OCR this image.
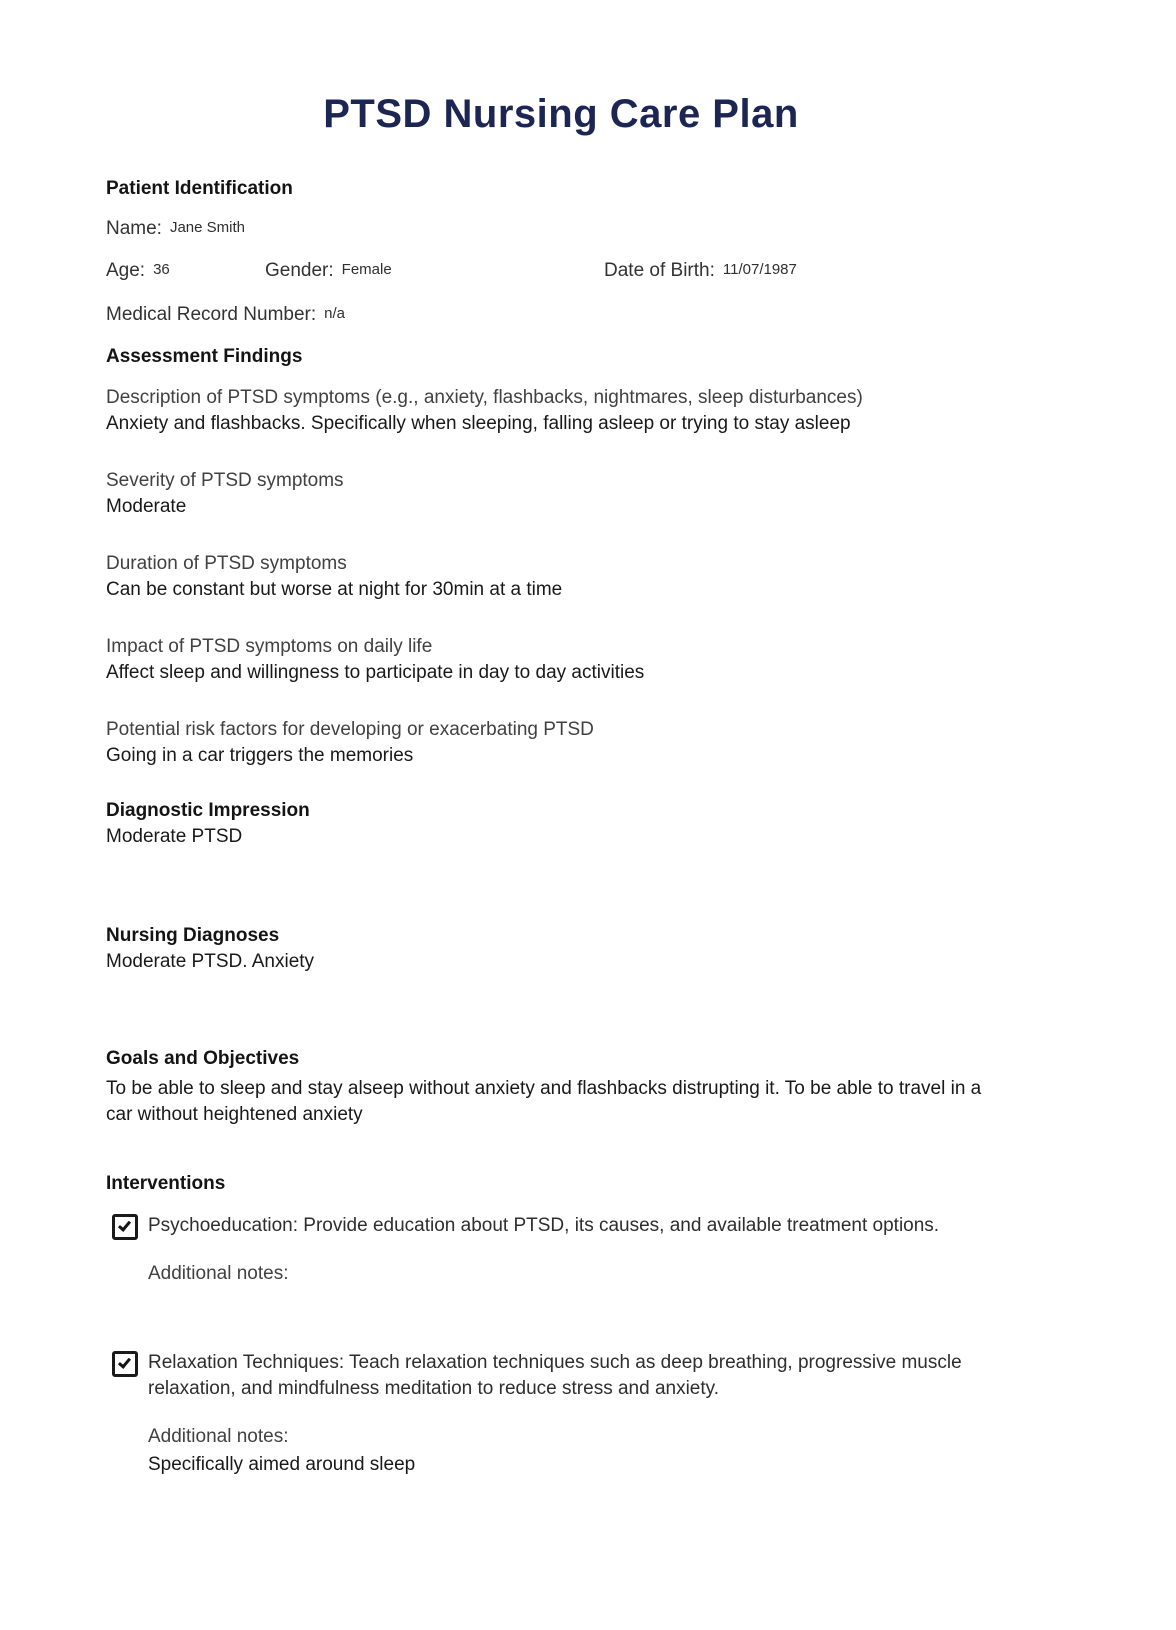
PTSD Nursing Care Plan
Patient Identification
Name: Jane Smith
Age: 36	Gender: Female	Date of Birth: 11/07/1987
Medical Record Number: n/a
Assessment Findings
Description of PTSD symptoms (e.g., anxiety, flashbacks, nightmares, sleep disturbances)
Anxiety and flashbacks. Specifically when sleeping, falling asleep or trying to stay asleep
Severity of PTSD symptoms
Moderate
Duration of PTSD symptoms
Can be constant but worse at night for 30min at a time
Impact of PTSD symptoms on daily life
Affect sleep and willingness to participate in day to day activities
Potential risk factors for developing or exacerbating PTSD
Going in a car triggers the memories
Diagnostic Impression
Moderate PTSD
Nursing Diagnoses
Moderate PTSD. Anxiety
Goals and Objectives
To be able to sleep and stay alseep without anxiety and flashbacks distrupting it. To be able to travel in a car without heightened anxiety
Interventions
Psychoeducation: Provide education about PTSD, its causes, and available treatment options.
Additional notes:
Relaxation Techniques: Teach relaxation techniques such as deep breathing, progressive muscle relaxation, and mindfulness meditation to reduce stress and anxiety.
Additional notes:
Specifically aimed around sleep
